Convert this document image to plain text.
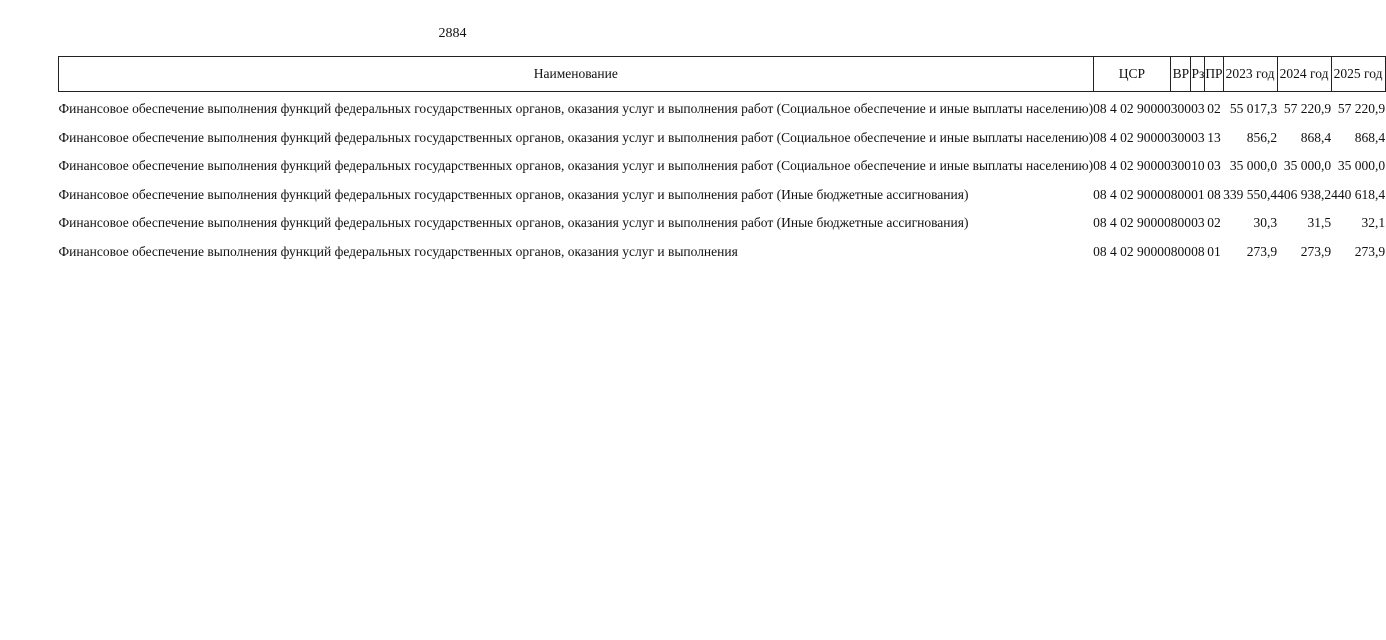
2884
Наименование	ЦСР	ВР	Рз	ПР	2023 год	2024 год	2025 год
Финансовое обеспечение выполнения функций федеральных государственных органов, оказания услуг и выполнения работ (Социальное обеспечение и иные выплаты населению)	08 4 02 90000	300	03	02	55 017,3	57 220,9	57 220,9
Финансовое обеспечение выполнения функций федеральных государственных органов, оказания услуг и выполнения работ (Социальное обеспечение и иные выплаты населению)	08 4 02 90000	300	03	13	856,2	868,4	868,4
Финансовое обеспечение выполнения функций федеральных государственных органов, оказания услуг и выполнения работ (Социальное обеспечение и иные выплаты населению)	08 4 02 90000	300	10	03	35 000,0	35 000,0	35 000,0
Финансовое обеспечение выполнения функций федеральных государственных органов, оказания услуг и выполнения работ (Иные бюджетные ассигнования)	08 4 02 90000	800	01	08	339 550,4	406 938,2	440 618,4
Финансовое обеспечение выполнения функций федеральных государственных органов, оказания услуг и выполнения работ (Иные бюджетные ассигнования)	08 4 02 90000	800	03	02	30,3	31,5	32,1
Финансовое обеспечение выполнения функций федеральных государственных органов, оказания услуг и выполнения	08 4 02 90000	800	08	01	273,9	273,9	273,9
